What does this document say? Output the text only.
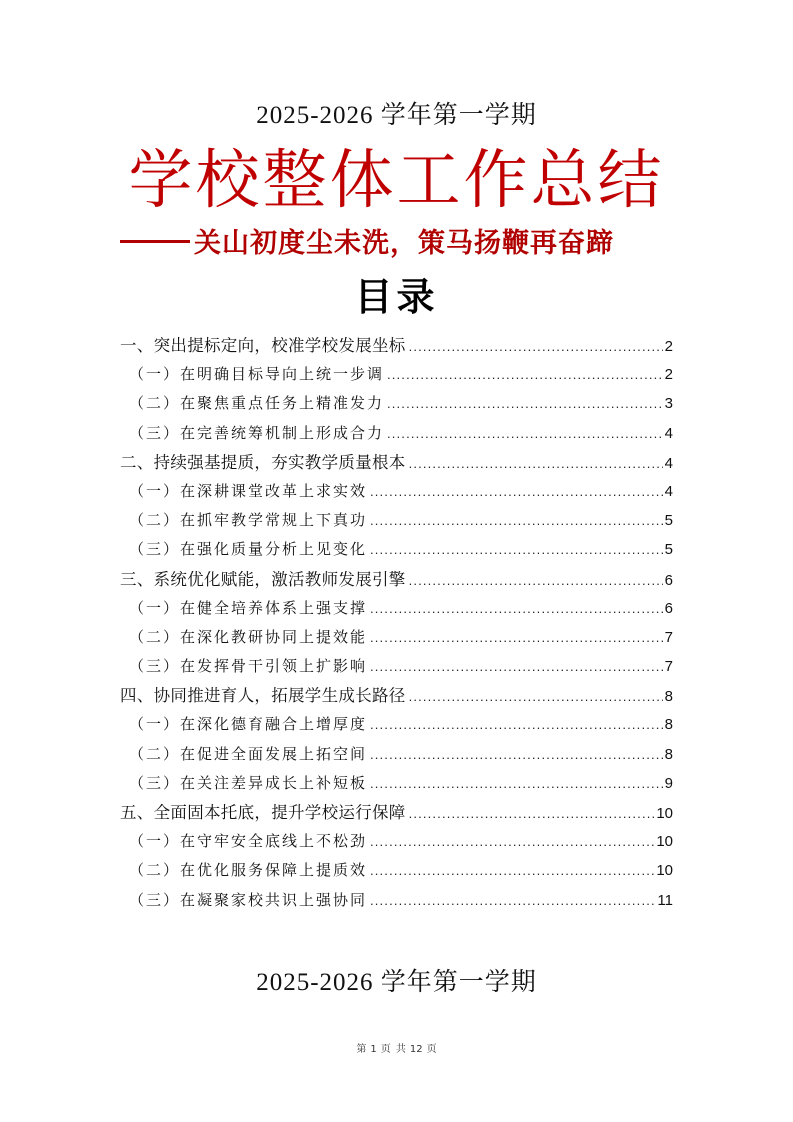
2025-2026 学年第一学期
学校整体工作总结
关山初度尘未洗，策马扬鞭再奋蹄
目录
一、突出提标定向，校准学校发展坐标 .....	2
（一）在明确目标导向上统一步调 .....	2
（二）在聚焦重点任务上精准发力 .....	3
（三）在完善统筹机制上形成合力 .....	4
二、持续强基提质，夯实教学质量根本 .....	4
（一）在深耕课堂改革上求实效 .....	4
（二）在抓牢教学常规上下真功 .....	5
（三）在强化质量分析上见变化 .....	5
三、系统优化赋能，激活教师发展引擎 .....	6
（一）在健全培养体系上强支撑 .....	6
（二）在深化教研协同上提效能 .....	7
（三）在发挥骨干引领上扩影响 .....	7
四、协同推进育人，拓展学生成长路径 .....	8
（一）在深化德育融合上增厚度 .....	8
（二）在促进全面发展上拓空间 .....	8
（三）在关注差异成长上补短板 .....	9
五、全面固本托底，提升学校运行保障 .....	10
（一）在守牢安全底线上不松劲 .....	10
（二）在优化服务保障上提质效 .....	10
（三）在凝聚家校共识上强协同 .....	11
2025-2026 学年第一学期
第 1 页 共 12 页
